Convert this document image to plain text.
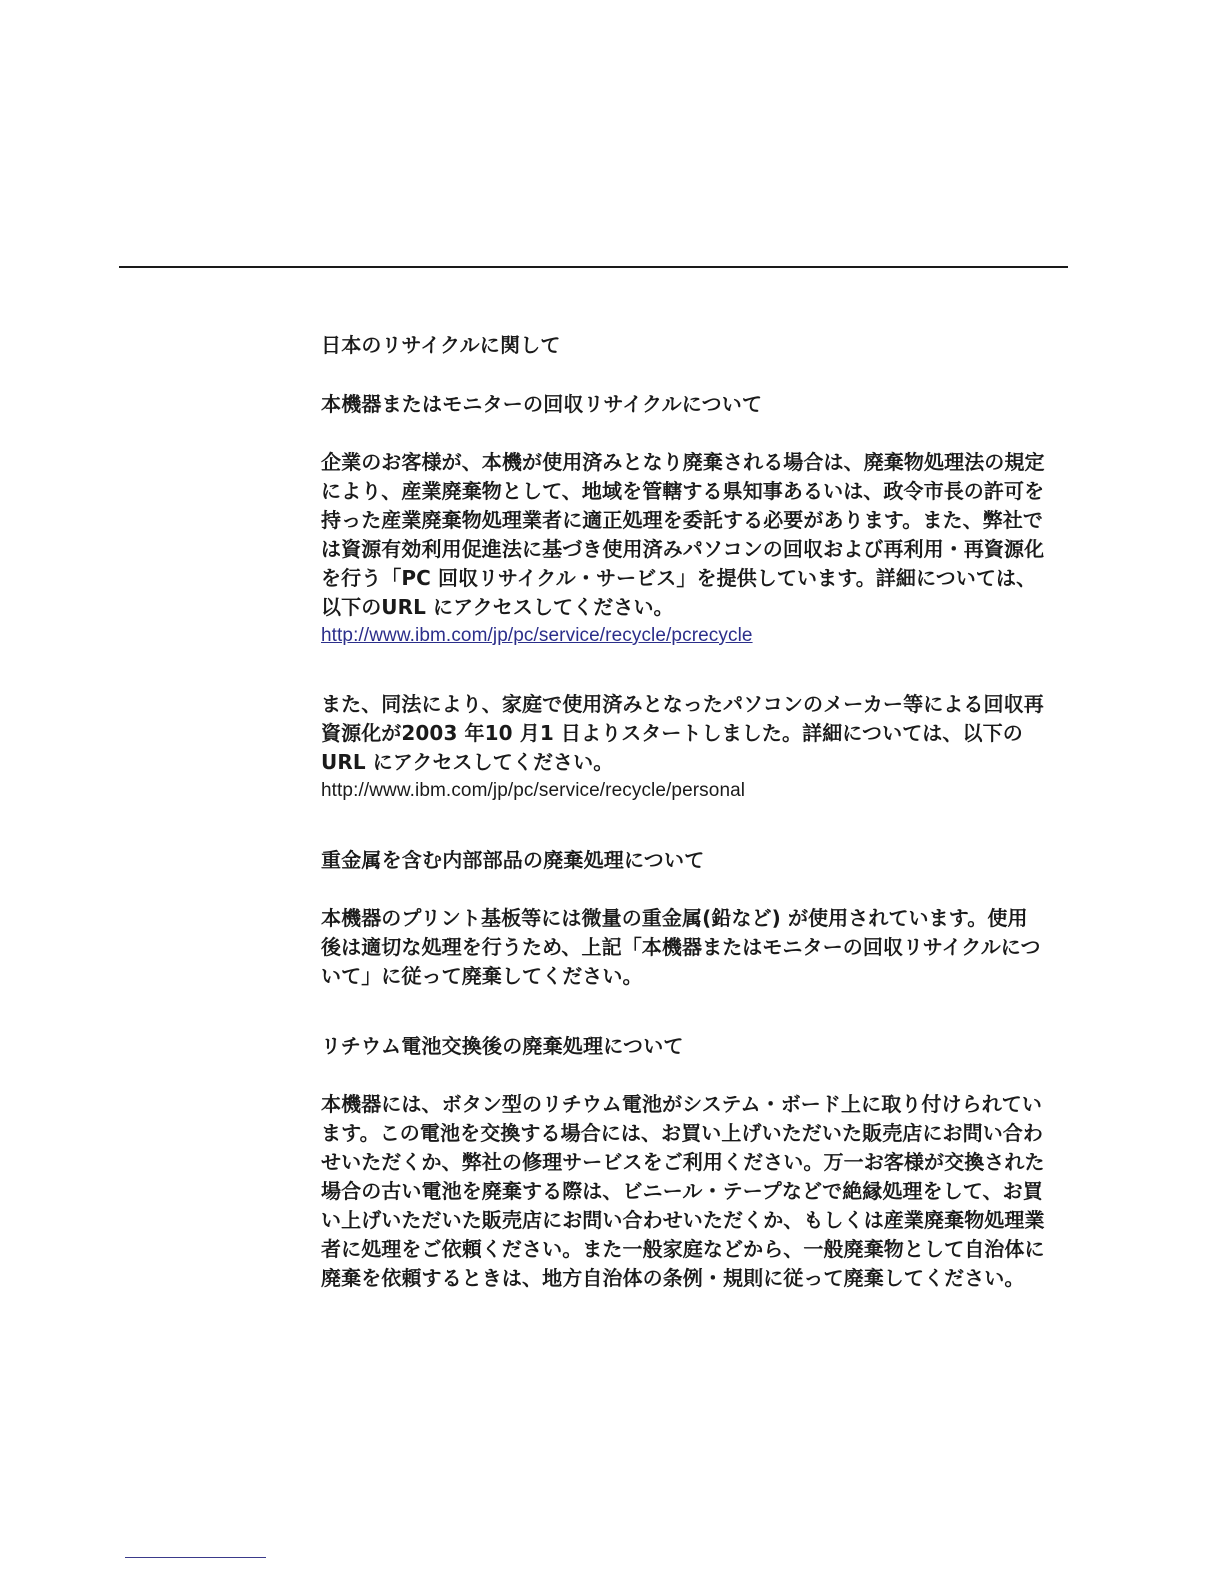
日本のリサイクルに関して
本機器またはモニターの回収リサイクルについて

企業のお客様が、本機が使用済みとなり廃棄される場合は、廃棄物処理法の規定
により、産業廃棄物として、地域を管轄する県知事あるいは、政令市長の許可を
持った産業廃棄物処理業者に適正処理を委託する必要があります。また、弊社で
は資源有効利用促進法に基づき使用済みパソコンの回収および再利用・再資源化
を行う「PC 回収リサイクル・サービス」を提供しています。詳細については、
以下のURL にアクセスしてください。
http://www.ibm.com/jp/pc/service/recycle/pcrecycle

また、同法により、家庭で使用済みとなったパソコンのメーカー等による回収再
資源化が2003 年10 月1 日よりスタートしました。詳細については、以下の
URL にアクセスしてください。
http://www.ibm.com/jp/pc/service/recycle/personal

重金属を含む内部部品の廃棄処理について

本機器のプリント基板等には微量の重金属(鉛など) が使用されています。使用
後は適切な処理を行うため、上記「本機器またはモニターの回収リサイクルにつ
いて」に従って廃棄してください。

リチウム電池交換後の廃棄処理について

本機器には、ボタン型のリチウム電池がシステム・ボード上に取り付けられてい
ます。この電池を交換する場合には、お買い上げいただいた販売店にお問い合わ
せいただくか、弊社の修理サービスをご利用ください。万一お客様が交換された
場合の古い電池を廃棄する際は、ビニール・テープなどで絶縁処理をして、お買
い上げいただいた販売店にお問い合わせいただくか、もしくは産業廃棄物処理業
者に処理をご依頼ください。また一般家庭などから、一般廃棄物として自治体に
廃棄を依頼するときは、地方自治体の条例・規則に従って廃棄してください。
